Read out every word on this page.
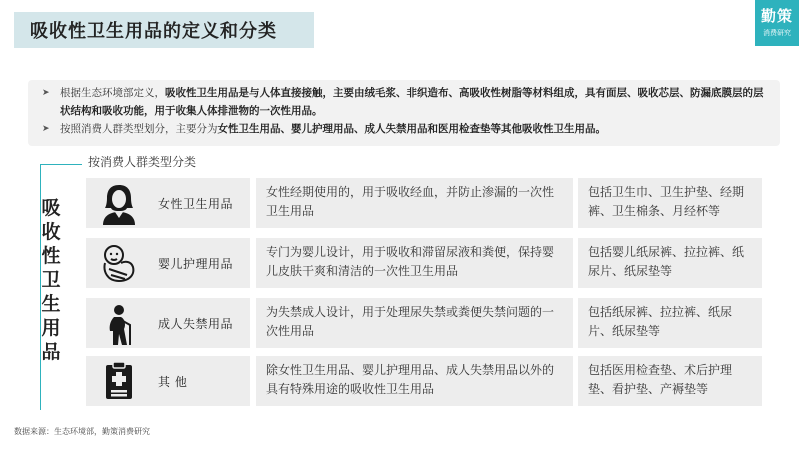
吸收性卫生用品的定义和分类
勤策
消费研究
➤ 根据生态环境部定义，吸收性卫生用品是与人体直接接触，主要由绒毛浆、非织造布、高吸收性树脂等材料组成，具有面层、吸收芯层、防漏底膜层的层状结构和吸收功能，用于收集人体排泄物的一次性用品。
➤ 按照消费人群类型划分，主要分为女性卫生用品、婴儿护理用品、成人失禁用品和医用检查垫等其他吸收性卫生用品。
按消费人群类型分类
吸
收
性
卫
生
用
品
女性卫生用品
女性经期使用的，用于吸收经血，并防止渗漏的一次性卫生用品
包括卫生巾、卫生护垫、经期裤、卫生棉条、月经杯等
婴儿护理用品
专门为婴儿设计，用于吸收和滞留尿液和粪便，保持婴儿皮肤干爽和清洁的一次性卫生用品
包括婴儿纸尿裤、拉拉裤、纸尿片、纸尿垫等
成人失禁用品
为失禁成人设计，用于处理尿失禁或粪便失禁问题的一次性用品
包括纸尿裤、拉拉裤、纸尿片、纸尿垫等
其 他
除女性卫生用品、婴儿护理用品、成人失禁用品以外的具有特殊用途的吸收性卫生用品
包括医用检查垫、术后护理垫、看护垫、产褥垫等
数据来源：生态环境部，勤策消费研究
